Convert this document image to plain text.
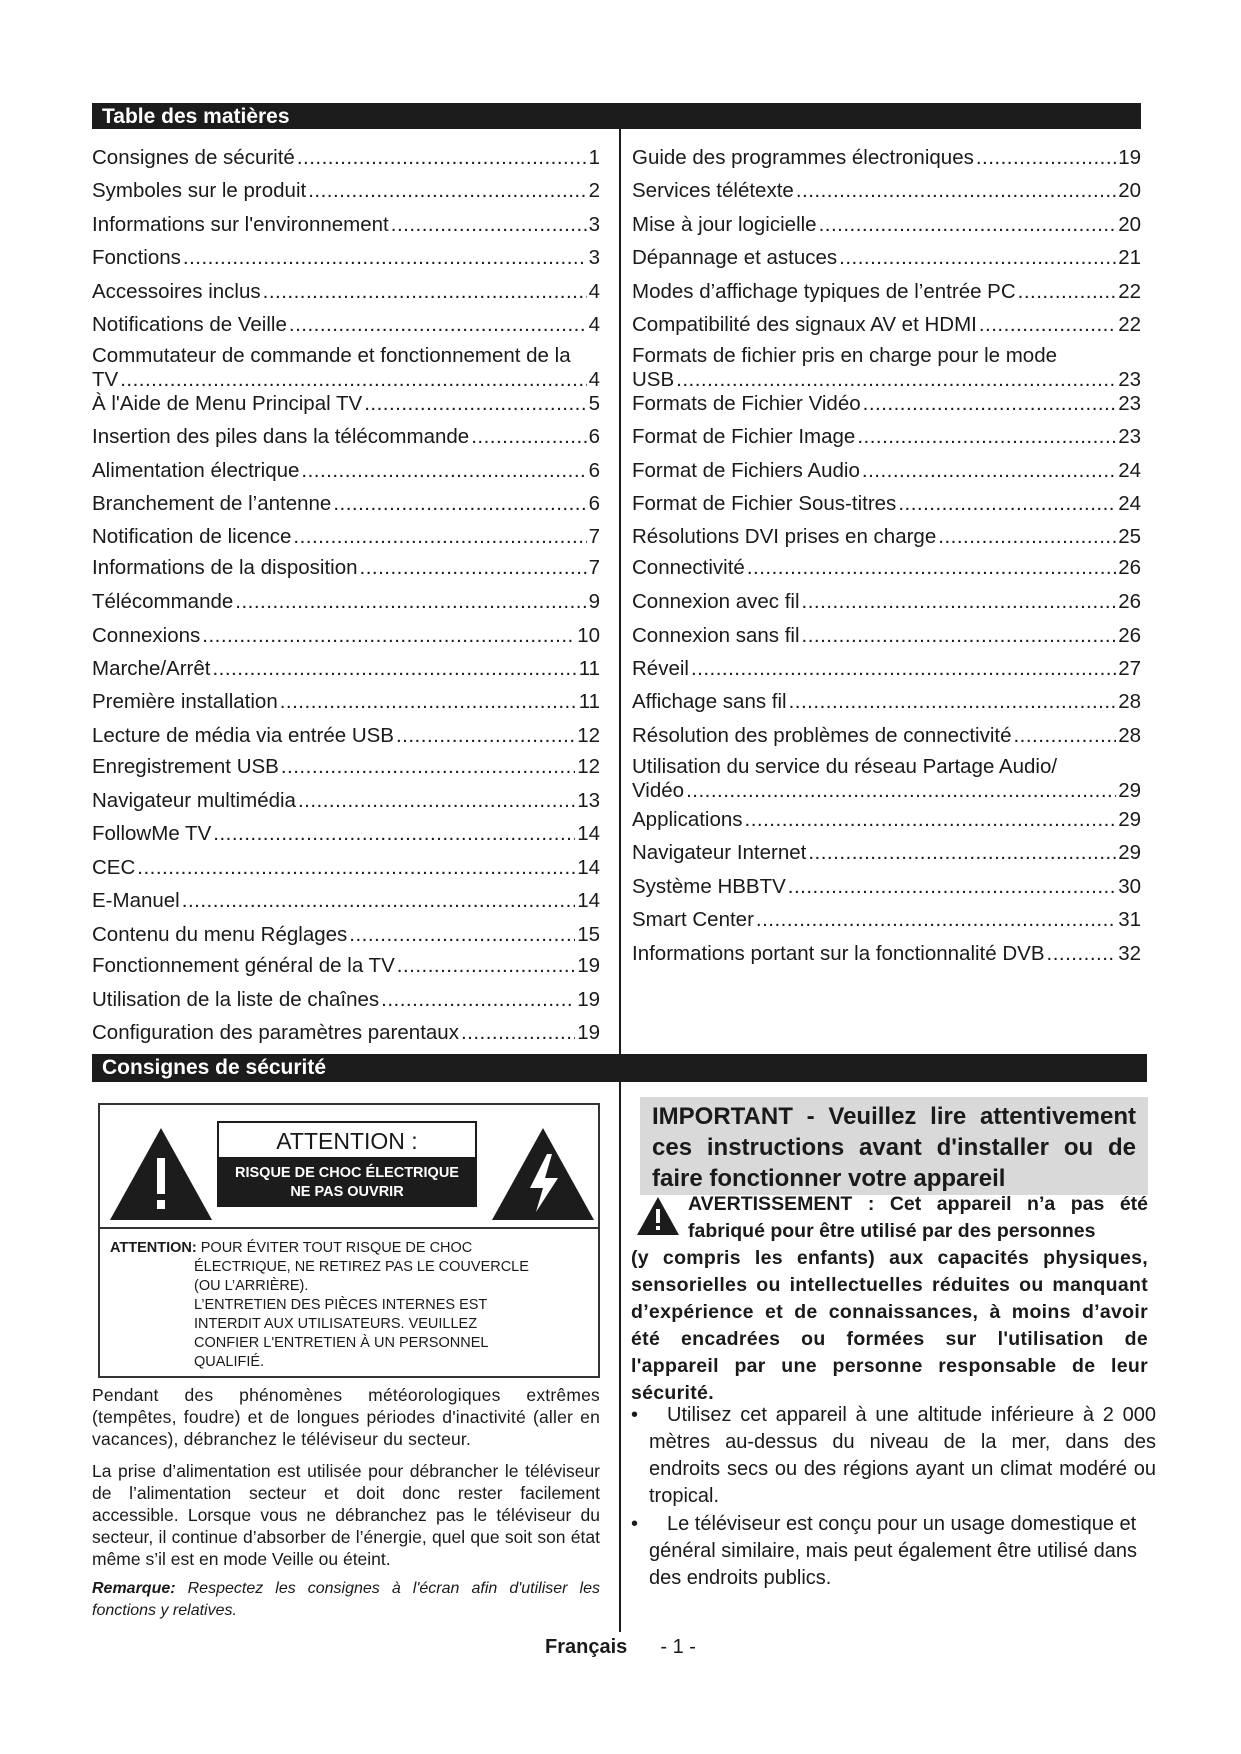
Table des matières
Consignes de sécurité . . .	1
Symboles sur le produit . . .	2
Informations sur l'environnement . . .	3
Fonctions . . .	3
Accessoires inclus . . .	4
Notifications de Veille . . .	4
Commutateur de commande et fonctionnement de la
TV . . .	4
À l'Aide de Menu Principal TV . . .	5
Insertion des piles dans la télécommande . . .	6
Alimentation électrique . . .	6
Branchement de l’antenne . . .	6
Notification de licence . . .	7
Informations de la disposition . . .	7
Télécommande . . .	9
Connexions . . .	10
Marche/Arrêt . . .	11
Première installation . . .	11
Lecture de média via entrée USB . . .	12
Enregistrement USB . . .	12
Navigateur multimédia . . .	13
FollowMe TV . . .	14
CEC . . .	14
E-Manuel . . .	14
Contenu du menu Réglages . . .	15
Fonctionnement général de la TV . . .	19
Utilisation de la liste de chaînes . . .	19
Configuration des paramètres parentaux . . .	19
Guide des programmes électroniques . . .	19
Services télétexte . . .	20
Mise à jour logicielle . . .	20
Dépannage et astuces . . .	21
Modes d’affichage typiques de l’entrée PC . . .	22
Compatibilité des signaux AV et HDMI . . .	22
Formats de fichier pris en charge pour le mode
USB . . .	23
Formats de Fichier Vidéo . . .	23
Format de Fichier Image . . .	23
Format de Fichiers Audio . . .	24
Format de Fichier Sous-titres . . .	24
Résolutions DVI prises en charge . . .	25
Connectivité . . .	26
Connexion avec fil . . .	26
Connexion sans fil . . .	26
Réveil . . .	27
Affichage sans fil . . .	28
Résolution des problèmes de connectivité . . .	28
Utilisation du service du réseau Partage Audio/
Vidéo . . .	29
Applications . . .	29
Navigateur Internet . . .	29
Système HBBTV . . .	30
Smart Center . . .	31
Informations portant sur la fonctionnalité DVB . . .	32
Consignes de sécurité
ATTENTION :
RISQUE DE CHOC ÉLECTRIQUE
NE PAS OUVRIR
ATTENTION: POUR ÉVITER TOUT RISQUE DE CHOC
ÉLECTRIQUE, NE RETIREZ PAS LE COUVERCLE
(OU L’ARRIÈRE).
L’ENTRETIEN DES PIÈCES INTERNES EST
INTERDIT AUX UTILISATEURS. VEUILLEZ
CONFIER L'ENTRETIEN À UN PERSONNEL
QUALIFIÉ.
Pendant des phénomènes météorologiques extrêmes (tempêtes, foudre) et de longues périodes d'inactivité (aller en vacances), débranchez le téléviseur du secteur.
La prise d’alimentation est utilisée pour débrancher le téléviseur de l’alimentation secteur et doit donc rester facilement accessible. Lorsque vous ne débranchez pas le téléviseur du secteur, il continue d’absorber de l’énergie, quel que soit son état même s’il est en mode Veille ou éteint.
Remarque: Respectez les consignes à l'écran afin d'utiliser les fonctions y relatives.
IMPORTANT - Veuillez lire attentivement ces instructions avant d'installer ou de faire fonctionner votre appareil
AVERTISSEMENT : Cet appareil n’a pas été fabriqué pour être utilisé par des personnes
(y compris les enfants) aux capacités physiques, sensorielles ou intellectuelles réduites ou manquant d’expérience et de connaissances, à moins d’avoir été encadrées ou formées sur l'utilisation de l'appareil par une personne responsable de leur sécurité.
•	Utilisez cet appareil à une altitude inférieure à 2 000 mètres au-dessus du niveau de la mer, dans des endroits secs ou des régions ayant un climat modéré ou tropical.
•	Le téléviseur est conçu pour un usage domestique et général similaire, mais peut également être utilisé dans des endroits publics.
Français - 1 -
